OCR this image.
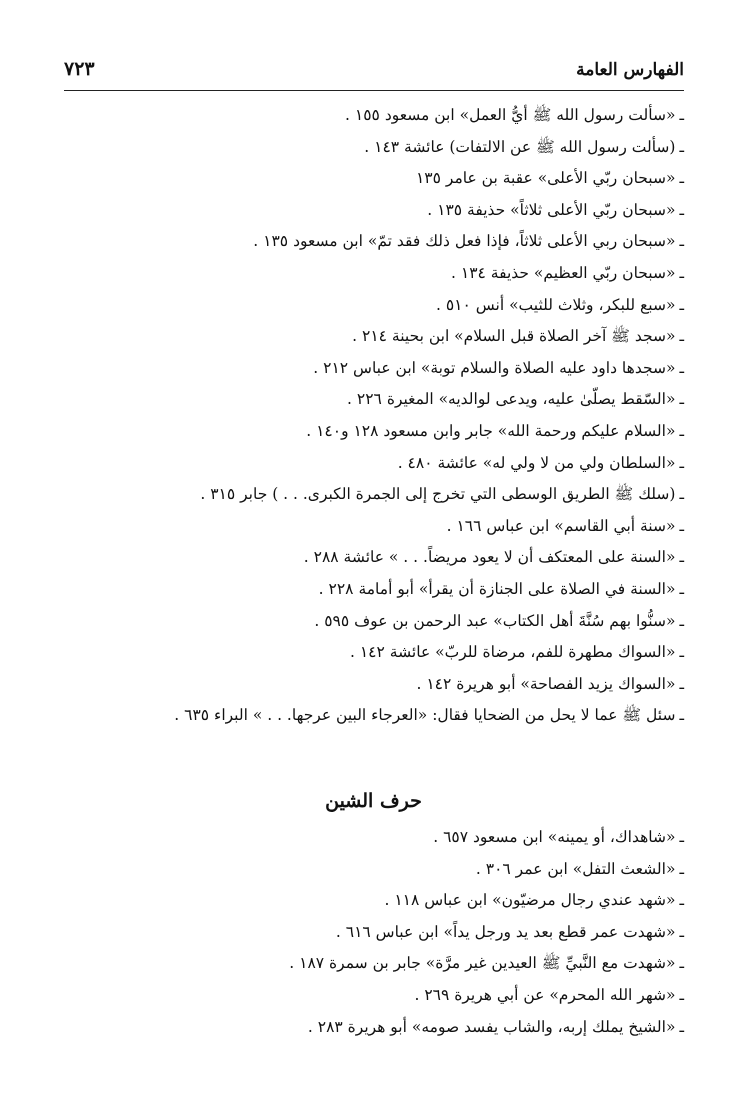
الفهارس العامة
٧٢٣
ـ«سألت رسول الله ﷺ أيُّ العمل» ابن مسعود ١٥٥ .
ـ(سألت رسول الله ﷺ عن الالتفات) عائشة ١٤٣ .
ـ«سبحان ربّي الأعلى» عقبة بن عامر ١٣٥
ـ«سبحان ربّي الأعلى ثلاثاً» حذيفة ١٣٥ .
ـ«سبحان ربي الأعلى ثلاثاً، فإذا فعل ذلك فقد تمّ» ابن مسعود ١٣٥ .
ـ«سبحان ربّي العظيم» حذيفة ١٣٤ .
ـ«سبع للبكر، وثلاث للثيب» أنس ٥١٠ .
ـ«سجد ﷺ آخر الصلاة قبل السلام» ابن بحينة ٢١٤ .
ـ«سجدها داود عليه الصلاة والسلام توبة» ابن عباس ٢١٢ .
ـ«السّقط يصلّىٰ عليه، ويدعى لوالديه» المغيرة ٢٢٦ .
ـ«السلام عليكم ورحمة الله» جابر وابن مسعود ١٢٨ و١٤٠ .
ـ«السلطان ولي من لا ولي له» عائشة ٤٨٠ .
ـ(سلك ﷺ الطريق الوسطى التي تخرج إلى الجمرة الكبرى. . . ) جابر ٣١٥ .
ـ«سنة أبي القاسم» ابن عباس ١٦٦ .
ـ«السنة على المعتكف أن لا يعود مريضاً. . . » عائشة ٢٨٨ .
ـ«السنة في الصلاة على الجنازة أن يقرأ» أبو أمامة ٢٢٨ .
ـ«سنُّوا بهم سُنَّةَ أهل الكتاب» عبد الرحمن بن عوف ٥٩٥ .
ـ«السواك مطهرة للفم، مرضاة للربّ» عائشة ١٤٢ .
ـ«السواك يزيد الفصاحة» أبو هريرة ١٤٢ .
ـسئل ﷺ عما لا يحل من الضحايا فقال: «العرجاء البين عرجها. . . » البراء ٦٣٥ .
حرف الشين
ـ«شاهداك، أو يمينه» ابن مسعود ٦٥٧ .
ـ«الشعث التفل» ابن عمر ٣٠٦ .
ـ«شهد عندي رجال مرضيّون» ابن عباس ١١٨ .
ـ«شهدت عمر قطع بعد يد ورجل يداً» ابن عباس ٦١٦ .
ـ«شهدت مع النَّبيِّ ﷺ العيدين غير مرَّة» جابر بن سمرة ١٨٧ .
ـ«شهر الله المحرم» عن أبي هريرة ٢٦٩ .
ـ«الشيخ يملك إربه، والشاب يفسد صومه» أبو هريرة ٢٨٣ .
